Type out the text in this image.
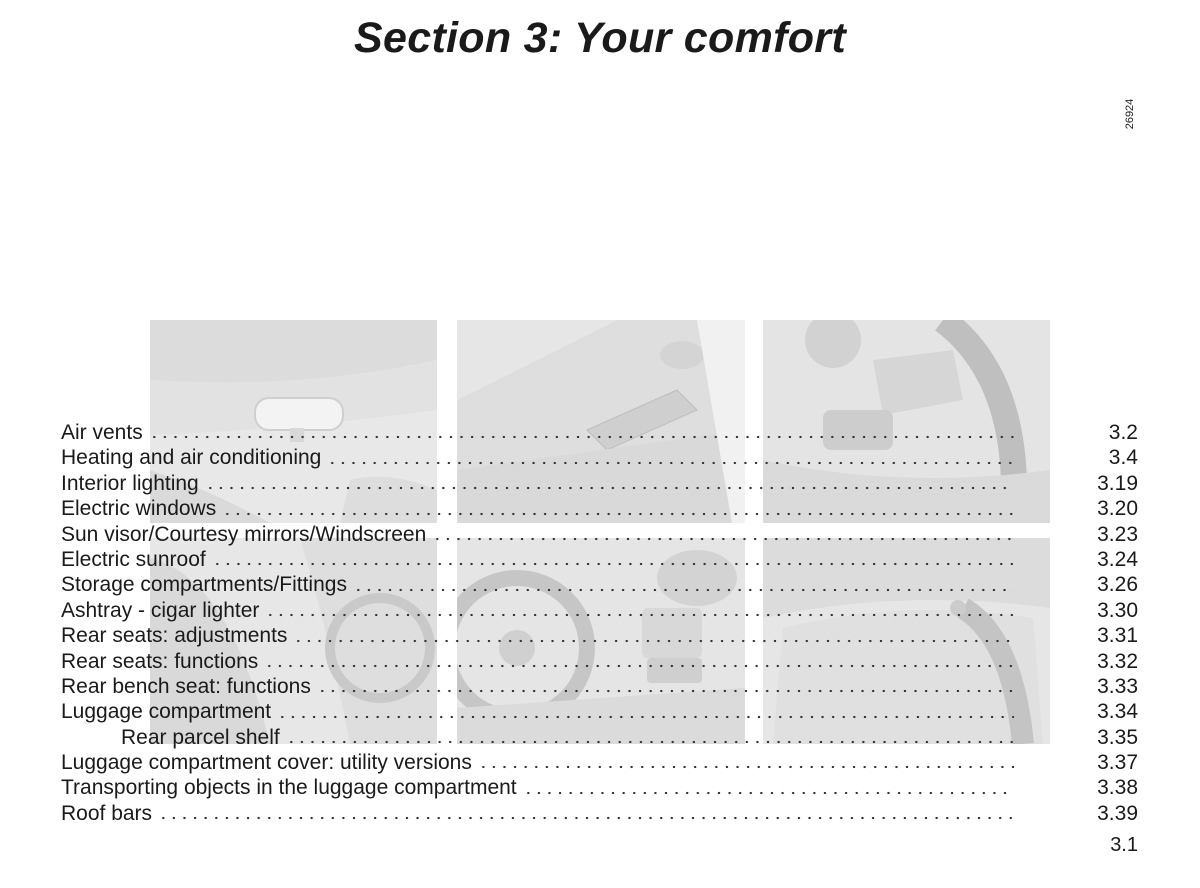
Section 3: Your comfort
26924
Air vents	3.2
Heating and air conditioning	3.4
Interior lighting	3.19
Electric windows	3.20
Sun visor/Courtesy mirrors/Windscreen	3.23
Electric sunroof	3.24
Storage compartments/Fittings	3.26
Ashtray - cigar lighter	3.30
Rear seats: adjustments	3.31
Rear seats: functions	3.32
Rear bench seat: functions	3.33
Luggage compartment	3.34
Rear parcel shelf	3.35
Luggage compartment cover: utility versions	3.37
Transporting objects in the luggage compartment	3.38
Roof bars	3.39
3.1
